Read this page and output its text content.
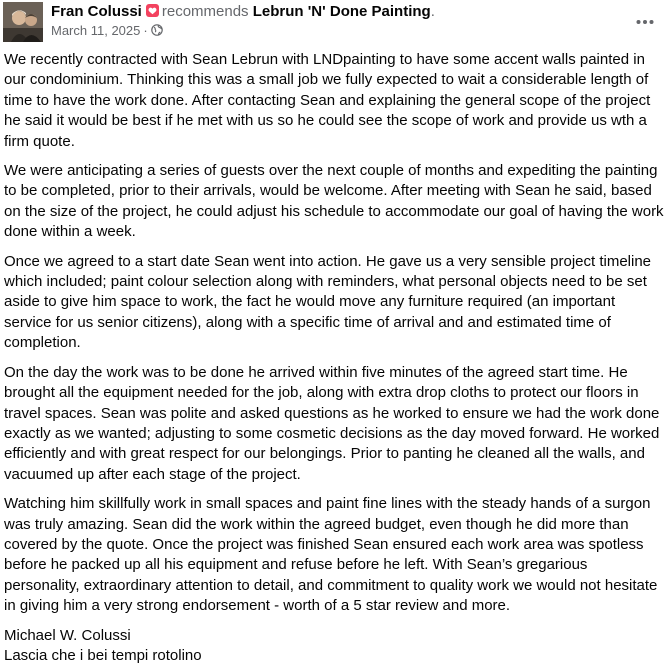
Fran Colussi recommends Lebrun 'N' Done Painting.
March 11, 2025 ·

We recently contracted with Sean Lebrun with LNDpainting to have some accent walls painted in our condominium. Thinking this was a small job we fully expected to wait a considerable length of time to have the work done. After contacting Sean and explaining the general scope of the project he said it would be best if he met with us so he could see the scope of work and provide us wth a firm quote.

We were anticipating a series of guests over the next couple of months and expediting the painting to be completed, prior to their arrivals, would be welcome. After meeting with Sean he said, based on the size of the project, he could adjust his schedule to accommodate our goal of having the work done within a week.

Once we agreed to a start date Sean went into action. He gave us a very sensible project timeline which included; paint colour selection along with reminders, what personal objects need to be set aside to give him space to work, the fact he would move any furniture required (an important service for us senior citizens), along with a specific time of arrival and and estimated time of completion.

On the day the work was to be done he arrived within five minutes of the agreed start time. He brought all the equipment needed for the job, along with extra drop cloths to protect our floors in travel spaces. Sean was polite and asked questions as he worked to ensure we had the work done exactly as we wanted; adjusting to some cosmetic decisions as the day moved forward. He worked efficiently and with great respect for our belongings. Prior to panting he cleaned all the walls, and vacuumed up after each stage of the project.

Watching him skillfully work in small spaces and paint fine lines with the steady hands of a surgon was truly amazing. Sean did the work within the agreed budget, even though he did more than covered by the quote. Once the project was finished Sean ensured each work area was spotless before he packed up all his equipment and refuse before he left. With Sean’s gregarious personality, extraordinary attention to detail, and commitment to quality work we would not hesitate in giving him a very strong endorsement - worth of a 5 star review and more.

Michael W. Colussi
Lascia che i bei tempi rotolino
